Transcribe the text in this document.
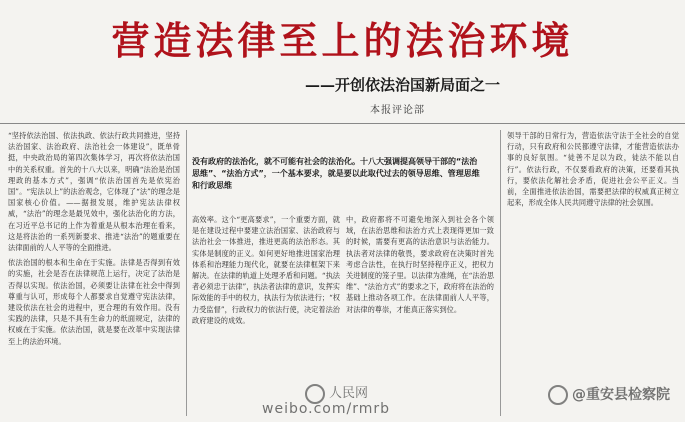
营造法律至上的法治环境
——开创依法治国新局面之一
本报评论部

“坚持依法治国、依法执政、依法行政共同推进，坚持法治国家、法治政府、法治社会一体建设”，既单骨挺，中央政治局的第四次集体学习，再次将依法治国中的关系权重。首先的十八大以来，明确“法治是治国理政的基本方式”，强调“依法治国首先是依宪治国”。“宪法以上”的法治观念，它体现了“法”的理念是国家核心价值。——据报发展，维护宪法法律权威，“法治”的理念是最见效中，强化法治化的方法，在习近平总书记的上作为着重是从根本治理在看来，这是将法治的一系列新要求、推进“法治”的题重要在法律面前的人人平等的全面推进。

依法治国的根本和生命在于实施。法律是否得到有效的实施，社会是否在法律规范上运行，决定了法治是否得以实现。依法治国，必须要让法律在社会中得到尊重与认可，形成每个人都要求自觉遵守宪法法律，建设依法在社会的进程中，更合理的有效作用。没有实践的法律，只是不具有生命力的纸面规定，法律的权威在于实施。依法治国，就是要在改革中实现法律至上的法治环境。

没有政府的法治化，就不可能有社会的法治化。十八大强调提高领导干部的“法治思维”、“法治方式”，一个基本要求，就是要以此取代过去的领导思维、管理思维和行政思维

高效率。这个“更高要求”，一个重要方面，就是在建设过程中要建立法治国家、法治政府与法治社会一体推进，推进更高的法治形态。其实体是制度的正义。如何更好地推进国家治理体系和治理能力现代化，就要在法律框架下来解决。在法律的轨道上处理矛盾和问题。“执法者必须忠于法律”，执法者法律的意识，发挥实际效能的手中的权力，执法行为依法进行；“权力受监督”，行政权力的依法行使，决定着法治政府建设的成效。

中，政府都将不可避免地深入到社会各个领域，在法治思维和法治方式上表现得更加一致的时候，需要有更高的法治意识与法治能力。执法者对法律的敬畏，要求政府在决策时首先考虑合法性，在执行时坚持程序正义，把权力关进制度的笼子里。以法律为准绳，在“法治思维”、“法治方式”的要求之下，政府将在法治的基础上推动各项工作。在法律面前人人平等，对法律的尊崇，才能真正落实到位。

领导干部的日常行为，营造依法守法于全社会的自觉行动，只有政府和公民都遵守法律，才能营造依法办事的良好氛围。“徒善不足以为政，徒法不能以自行”。依法行政，不仅要看政府的决策，还要看其执行，要依法化解社会矛盾，促进社会公平正义。当前，全面推进依法治国，需要把法律的权威真正树立起来，形成全体人民共同遵守法律的社会氛围。

人民网
weibo.com/rmrb
@重安县检察院
